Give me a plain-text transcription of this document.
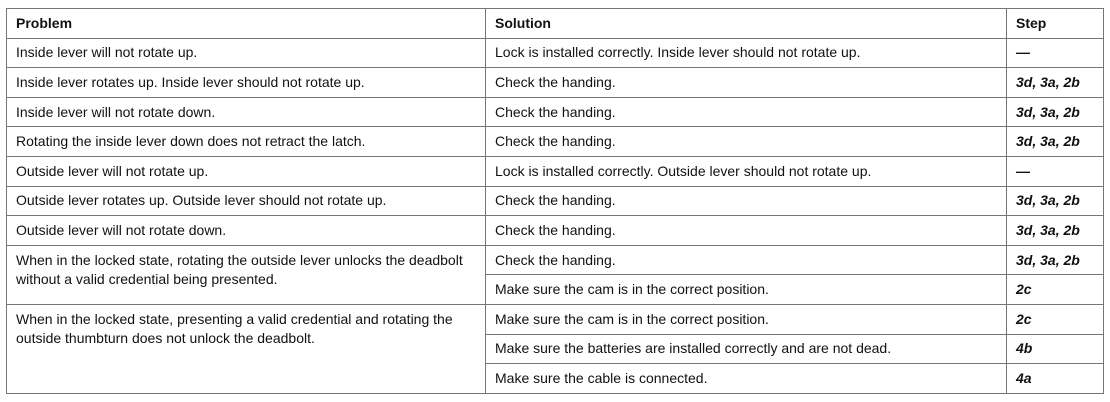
Problem	Solution	Step
Inside lever will not rotate up.	Lock is installed correctly. Inside lever should not rotate up.	—
Inside lever rotates up. Inside lever should not rotate up.	Check the handing.	3d, 3a, 2b
Inside lever will not rotate down.	Check the handing.	3d, 3a, 2b
Rotating the inside lever down does not retract the latch.	Check the handing.	3d, 3a, 2b
Outside lever will not rotate up.	Lock is installed correctly. Outside lever should not rotate up.	—
Outside lever rotates up. Outside lever should not rotate up.	Check the handing.	3d, 3a, 2b
Outside lever will not rotate down.	Check the handing.	3d, 3a, 2b
When in the locked state, rotating the outside lever unlocks the deadbolt without a valid credential being presented.	Check the handing.	3d, 3a, 2b
	Make sure the cam is in the correct position.	2c
When in the locked state, presenting a valid credential and rotating the outside thumbturn does not unlock the deadbolt.	Make sure the cam is in the correct position.	2c
	Make sure the batteries are installed correctly and are not dead.	4b
	Make sure the cable is connected.	4a
